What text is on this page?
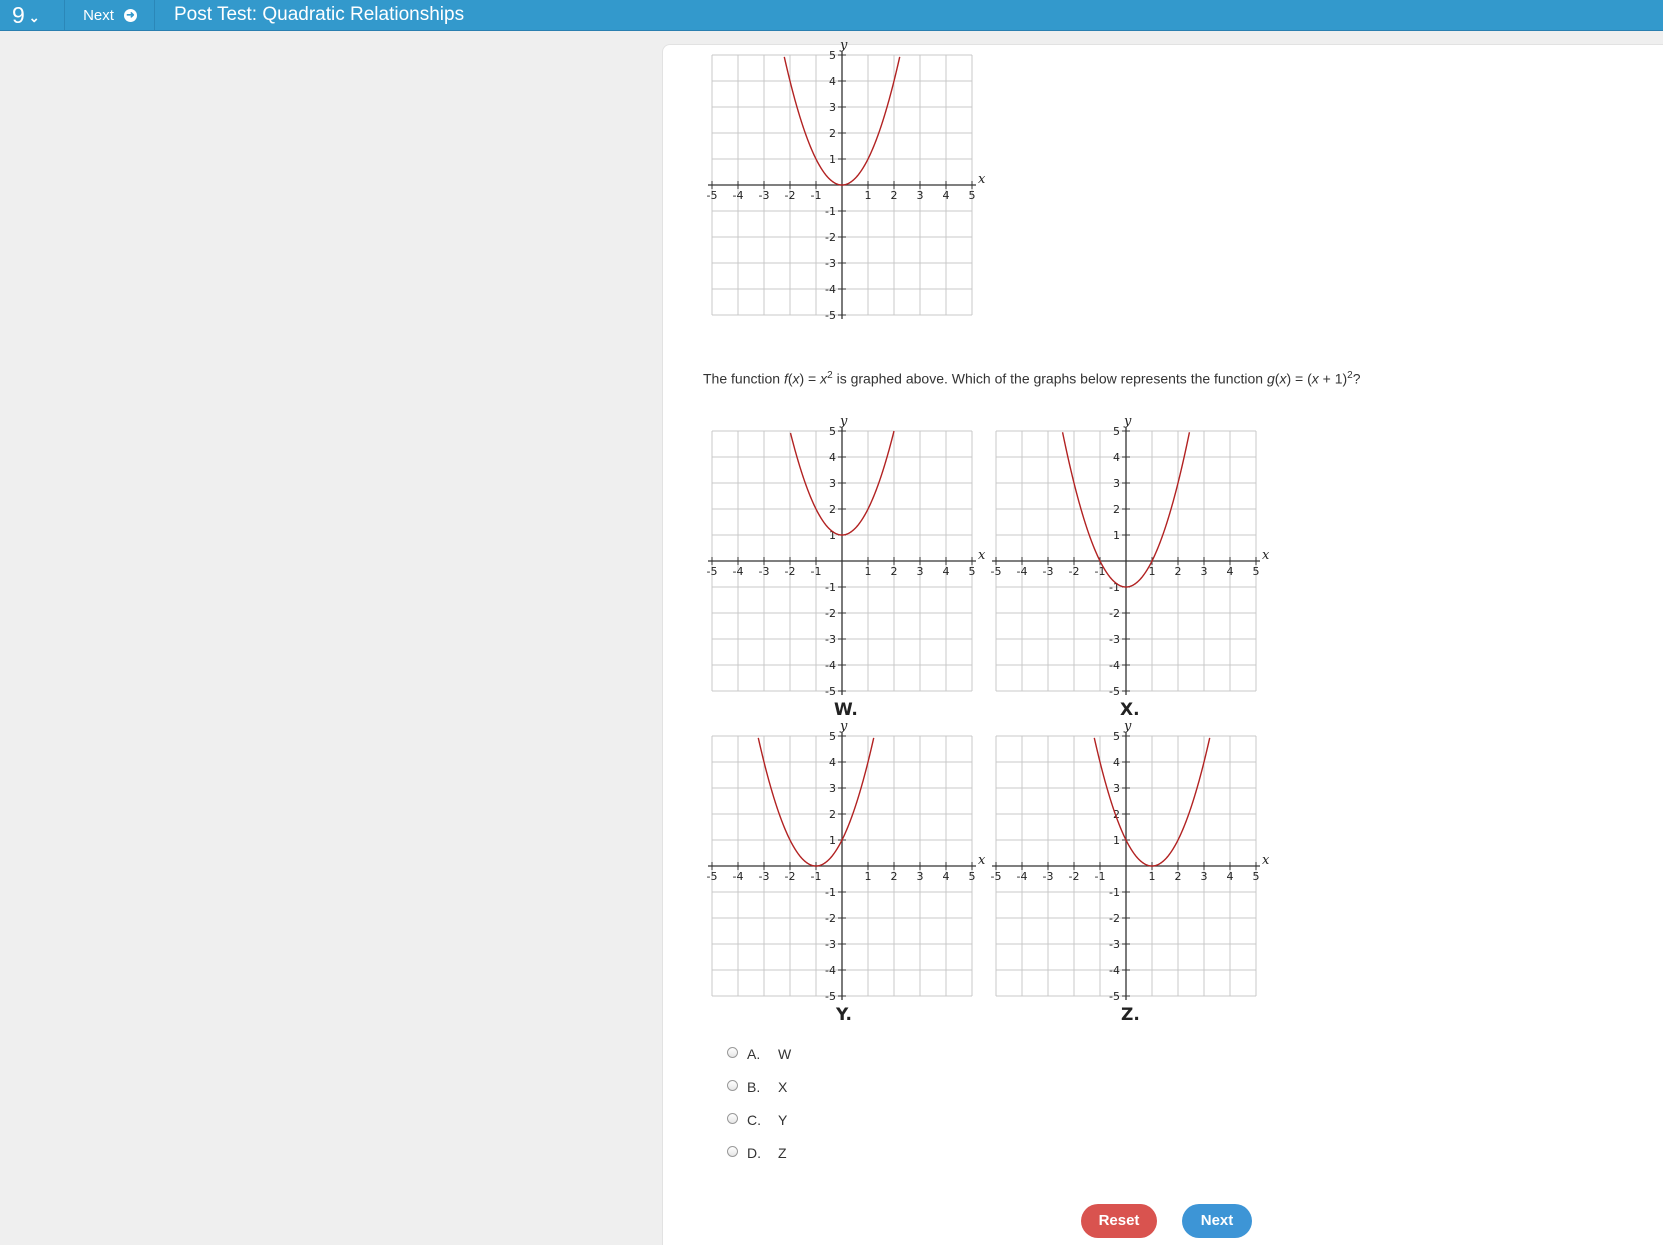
9 ⌄	Next ➜ Post Test: Quadratic Relationships
-5 -4 -3 -2 -1	1 2 3 4 5
5
4
3
2
1
-1
-2
-3
-4
-5
x
y
The function $f(x) = x^2$ is graphed above. Which of the graphs below represents the function $g(x) = (x + 1)^2$?
-5 -4 -3 -2 -1	1 2 3 4 5
5
4
3
2
1
-1
-2
-3
-4
-5
x
y
-5 -4 -3 -2 -1	1 2 3 4 5
5
4
3
2
1
-1
-2
-3
-4
-5
x
y
-5 -4 -3 -2 -1	1 2 3 4 5
5
4
3
2
1
-1
-2
-3
-4
-5
x
y
-5 -4 -3 -2 -1	1 2 3 4 5
5
4
3
2
1
-1
-2
-3
-4
-5
x
y
W.	X.
Y.	Z.
A.	W
B.	X
C.	Y
D.	Z
Reset	Next
